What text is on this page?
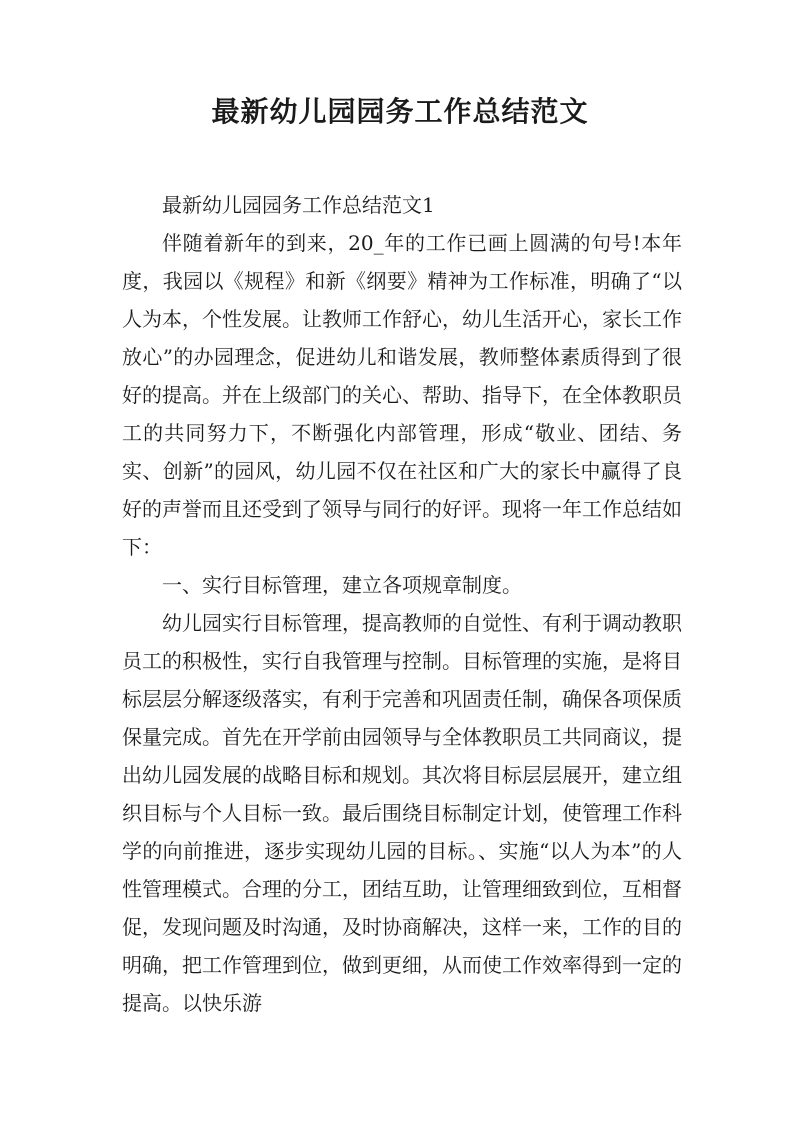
最新幼儿园园务工作总结范文

最新幼儿园园务工作总结范文1

伴随着新年的到来，20_年的工作已画上圆满的句号!本年度，我园以《规程》和新《纲要》精神为工作标准，明确了“以人为本，个性发展。让教师工作舒心，幼儿生活开心，家长工作放心”的办园理念，促进幼儿和谐发展，教师整体素质得到了很好的提高。并在上级部门的关心、帮助、指导下，在全体教职员工的共同努力下，不断强化内部管理，形成“敬业、团结、务实、创新”的园风，幼儿园不仅在社区和广大的家长中赢得了良好的声誉而且还受到了领导与同行的好评。现将一年工作总结如下：

一、实行目标管理，建立各项规章制度。

幼儿园实行目标管理，提高教师的自觉性、有利于调动教职员工的积极性，实行自我管理与控制。目标管理的实施，是将目标层层分解逐级落实，有利于完善和巩固责任制，确保各项保质保量完成。首先在开学前由园领导与全体教职员工共同商议，提出幼儿园发展的战略目标和规划。其次将目标层层展开，建立组织目标与个人目标一致。最后围绕目标制定计划，使管理工作科学的向前推进，逐步实现幼儿园的目标。、实施“以人为本”的人性管理模式。合理的分工，团结互助，让管理细致到位，互相督促，发现问题及时沟通，及时协商解决，这样一来，工作的目的明确，把工作管理到位，做到更细，从而使工作效率得到一定的提高。以快乐游
